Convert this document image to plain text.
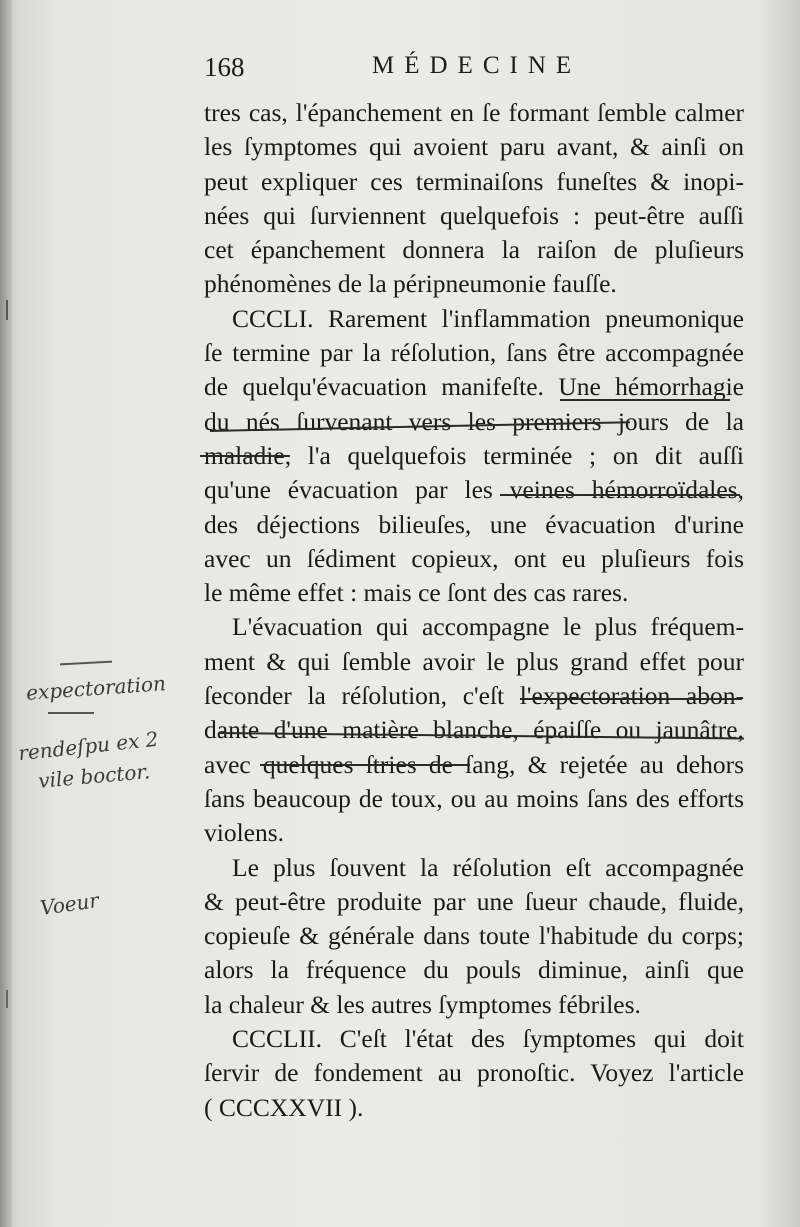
168	MÉDECINE
tres cas, l'épanchement en ſe formant ſemble calmer
les ſymptomes qui avoient paru avant, & ainſi on
peut expliquer ces terminaiſons funeſtes & inopi-
nées qui ſurviennent quelquefois : peut-être auſſi
cet épanchement donnera la raiſon de pluſieurs
phénomènes de la péripneumonie fauſſe.
CCCLI. Rarement l'inflammation pneumonique
ſe termine par la réſolution, ſans être accompagnée
de quelqu'évacuation manifeſte. Une hémorrhagie
du nés ſurvenant vers les premiers jours de la
maladie, l'a quelquefois terminée ; on dit auſſi
qu'une évacuation par les veines hémorroïdales,
des déjections bilieuſes, une évacuation d'urine
avec un ſédiment copieux, ont eu pluſieurs fois
le même effet : mais ce ſont des cas rares.
L'évacuation qui accompagne le plus fréquem-
ment & qui ſemble avoir le plus grand effet pour
ſeconder la réſolution, c'eſt l'expectoration abon-
dante d'une matière blanche, épaiſſe ou jaunâtre,
avec quelques ſtries de ſang, & rejetée au dehors
ſans beaucoup de toux, ou au moins ſans des efforts
violens.
Le plus ſouvent la réſolution eſt accompagnée
& peut-être produite par une ſueur chaude, fluide,
copieuſe & générale dans toute l'habitude du corps;
alors la fréquence du pouls diminue, ainſi que
la chaleur & les autres ſymptomes fébriles.
CCCLII. C'eſt l'état des ſymptomes qui doit
ſervir de fondement au pronoſtic. Voyez l'article
( CCCXXVII ).
expectoration
rendeſpu ex 2
vile boctor.
Voeur
